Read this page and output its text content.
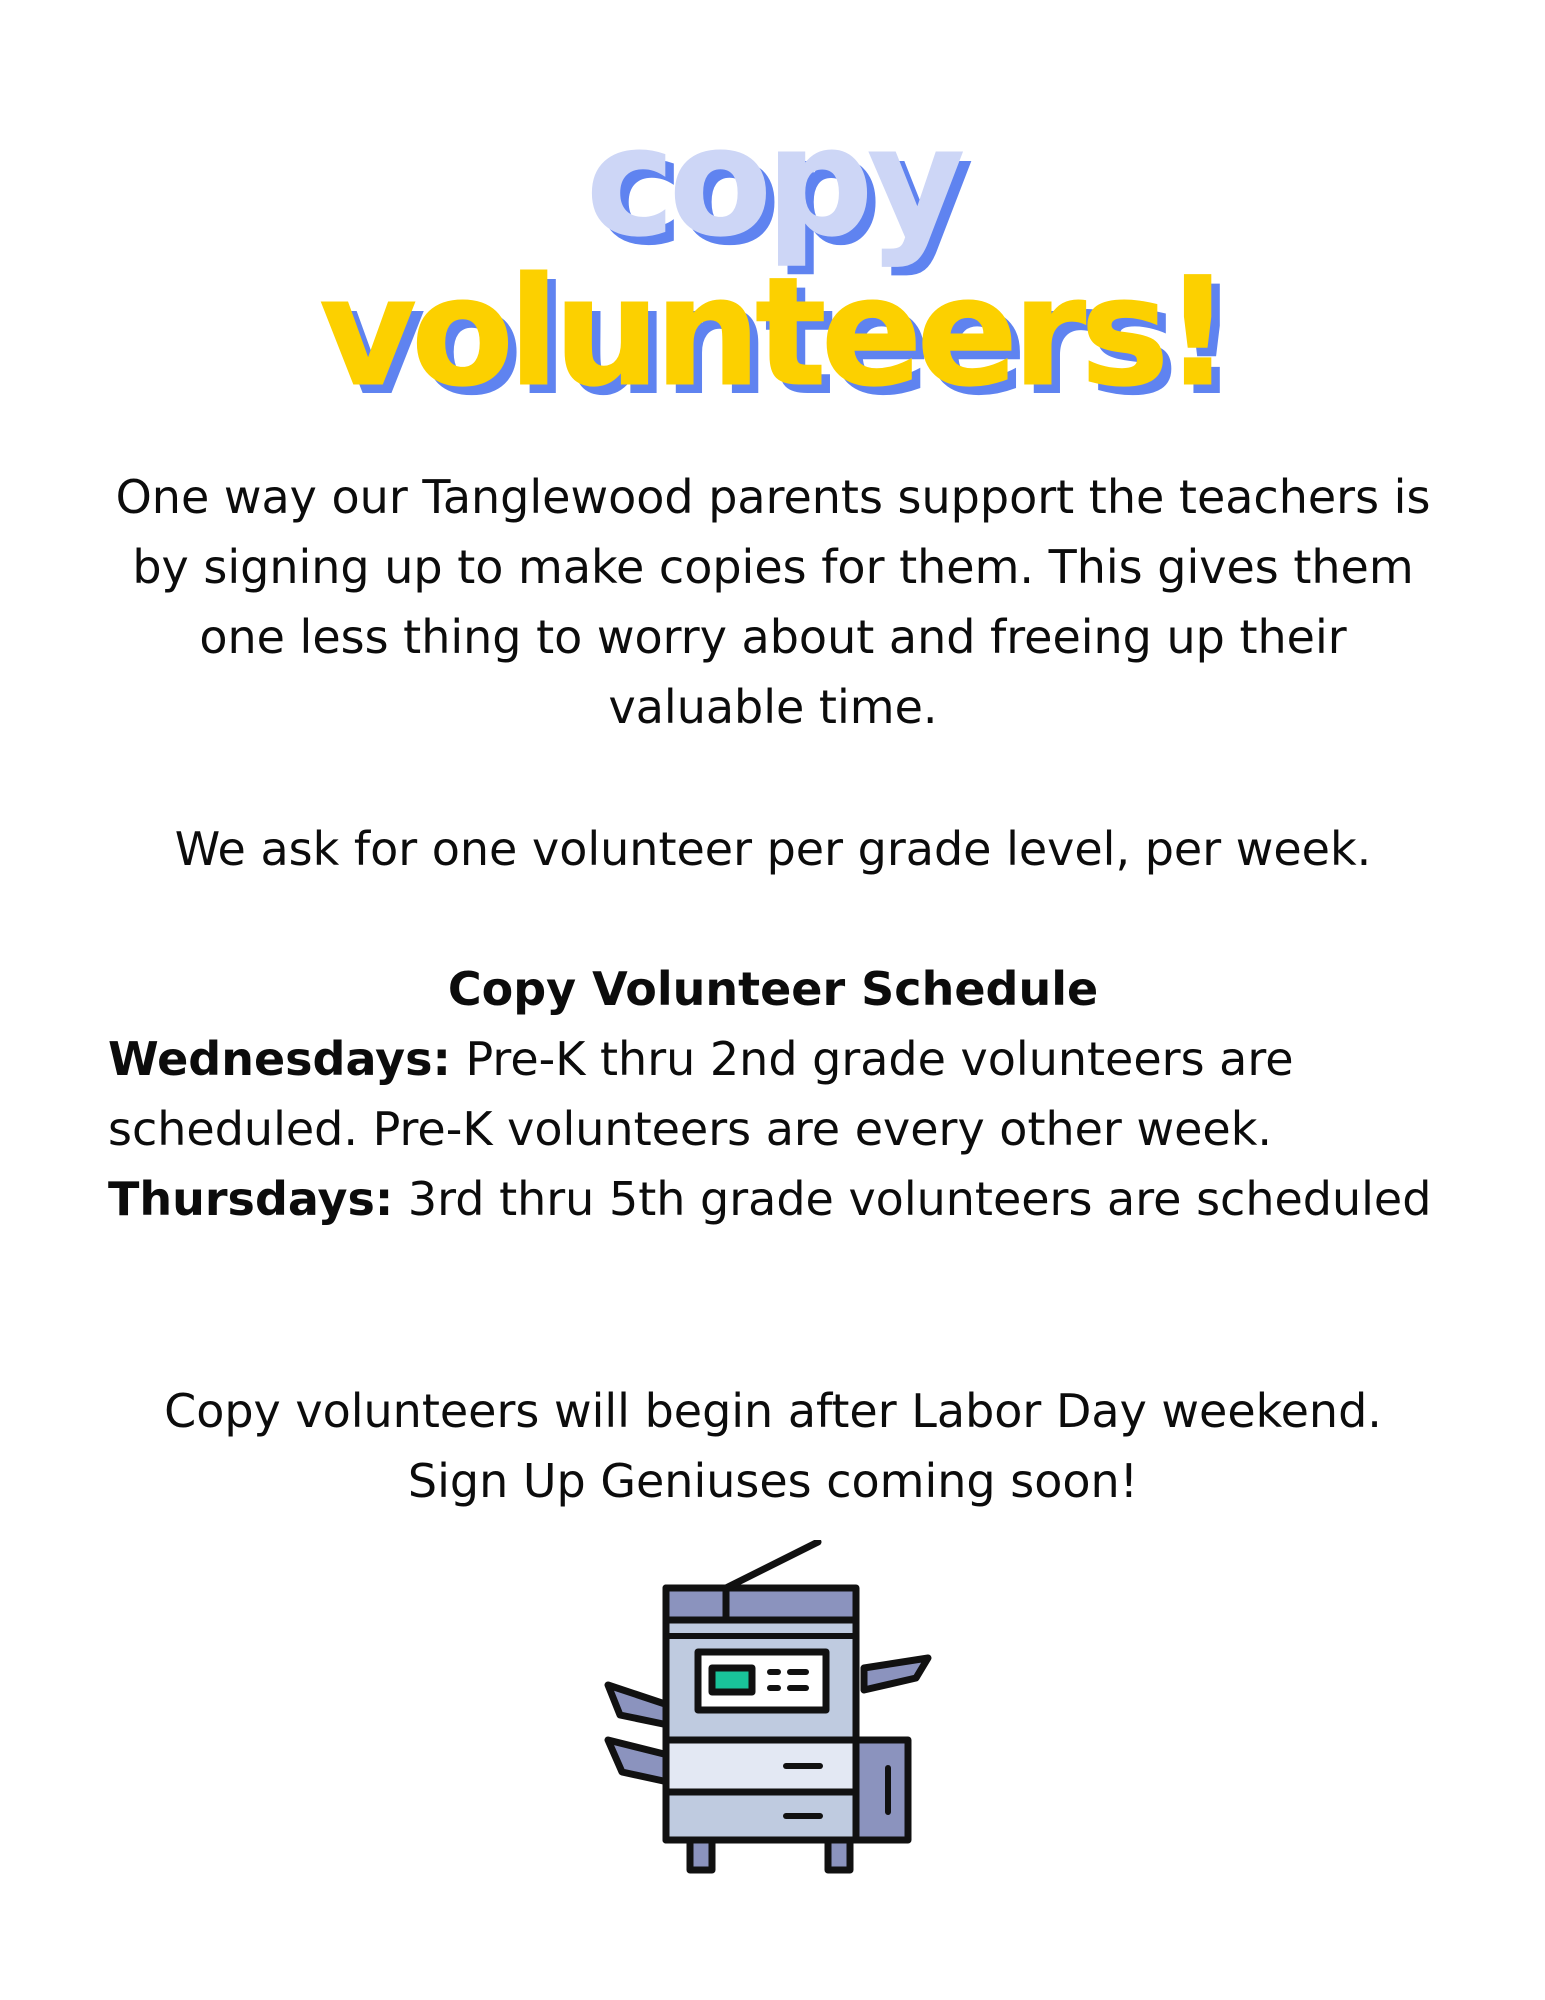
copy
volunteers!
One way our Tanglewood parents support the teachers is by signing up to make copies for them. This gives them one less thing to worry about and freeing up their valuable time.
We ask for one volunteer per grade level, per week.
Copy Volunteer Schedule
Wednesdays: Pre-K thru 2nd grade volunteers are scheduled. Pre-K volunteers are every other week.
Thursdays: 3rd thru 5th grade volunteers are scheduled
Copy volunteers will begin after Labor Day weekend.
Sign Up Geniuses coming soon!
